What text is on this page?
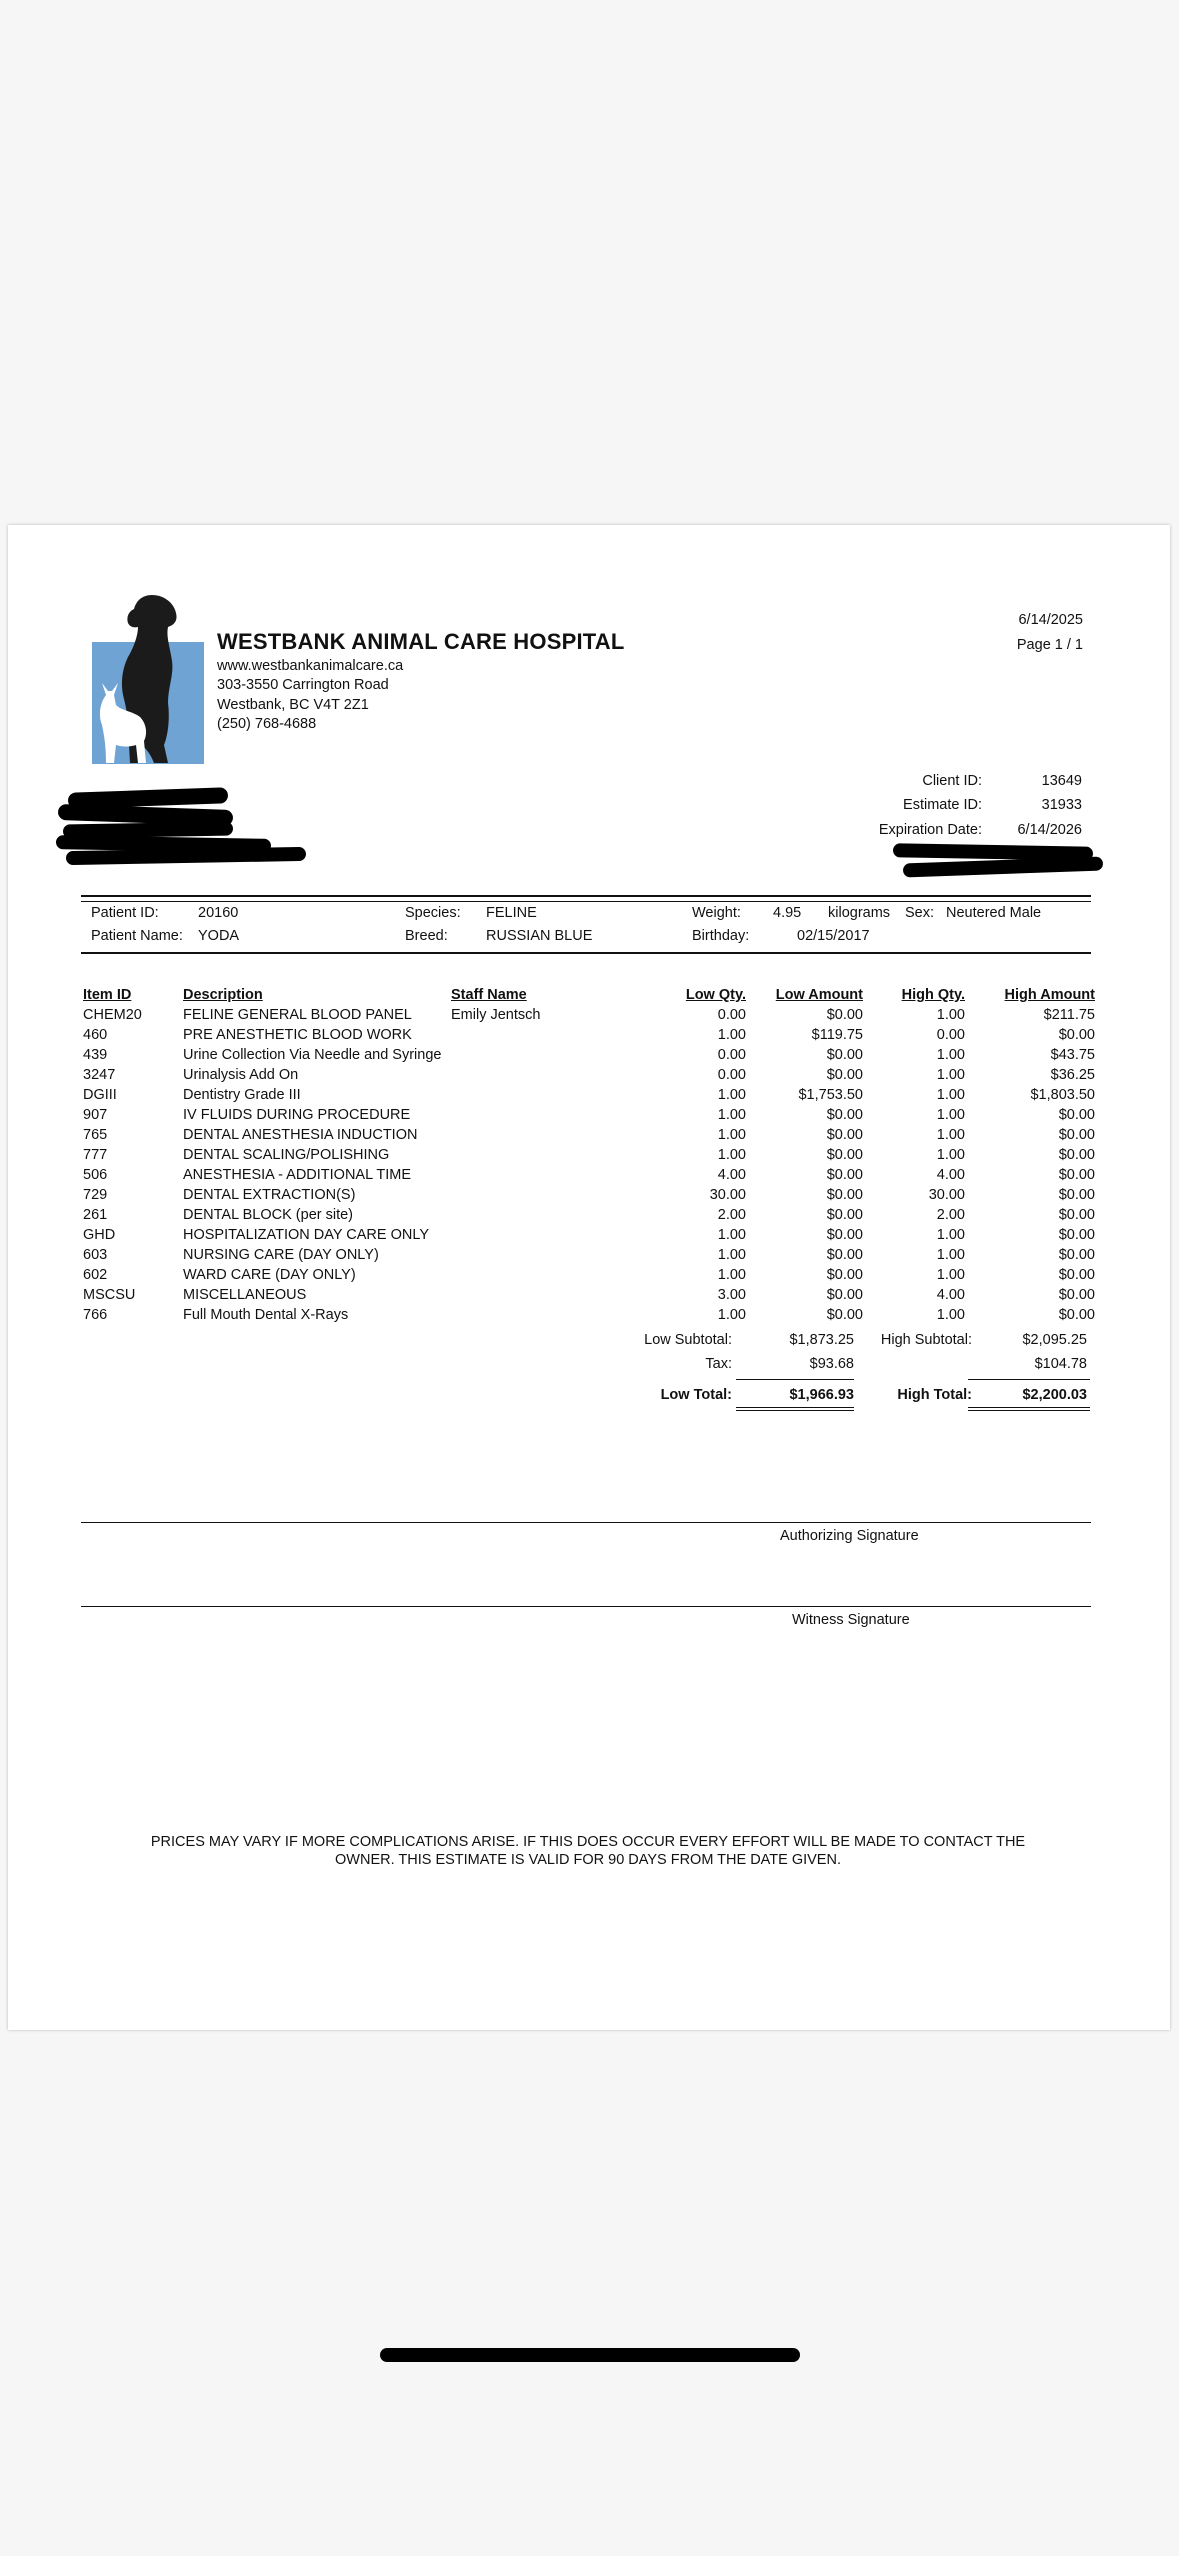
WESTBANK ANIMAL CARE HOSPITAL
www.westbankanimalcare.ca
303-3550 Carrington Road
Westbank, BC V4T 2Z1
(250) 768-4688
6/14/2025
Page 1 / 1
Client ID:	13649
Estimate ID:	31933
Expiration Date: 6/14/2026
Patient ID:	20160
Patient Name: YODA
Species: FELINE
Breed:	RUSSIAN BLUE
Weight: 4.95 kilograms Sex: Neutered Male
Birthday:	02/15/2017
Item ID	Description	Staff Name	Low Qty.	Low Amount	High Qty.	High Amount
CHEM20	FELINE GENERAL BLOOD PANEL	Emily Jentsch	0.00	$0.00	1.00	$211.75
460	PRE ANESTHETIC BLOOD WORK		1.00	$119.75	0.00	$0.00
439	Urine Collection Via Needle and Syringe		0.00	$0.00	1.00	$43.75
3247	Urinalysis Add On		0.00	$0.00	1.00	$36.25
DGIII	Dentistry Grade III		1.00	$1,753.50	1.00	$1,803.50
907	IV FLUIDS DURING PROCEDURE		1.00	$0.00	1.00	$0.00
765	DENTAL ANESTHESIA INDUCTION		1.00	$0.00	1.00	$0.00
777	DENTAL SCALING/POLISHING		1.00	$0.00	1.00	$0.00
506	ANESTHESIA - ADDITIONAL TIME		4.00	$0.00	4.00	$0.00
729	DENTAL EXTRACTION(S)		30.00	$0.00	30.00	$0.00
261	DENTAL BLOCK (per site)		2.00	$0.00	2.00	$0.00
GHD	HOSPITALIZATION DAY CARE ONLY		1.00	$0.00	1.00	$0.00
603	NURSING CARE (DAY ONLY)		1.00	$0.00	1.00	$0.00
602	WARD CARE (DAY ONLY)		1.00	$0.00	1.00	$0.00
MSCSU	MISCELLANEOUS		3.00	$0.00	4.00	$0.00
766	Full Mouth Dental X-Rays		1.00	$0.00	1.00	$0.00
Low Subtotal:	$1,873.25 High Subtotal:	$2,095.25
Tax:	$93.68	$104.78
Low Total:	$1,966.93	High Total:	$2,200.03
Authorizing Signature
Witness Signature
PRICES MAY VARY IF MORE COMPLICATIONS ARISE. IF THIS DOES OCCUR EVERY EFFORT WILL BE MADE TO CONTACT THE
OWNER. THIS ESTIMATE IS VALID FOR 90 DAYS FROM THE DATE GIVEN.
